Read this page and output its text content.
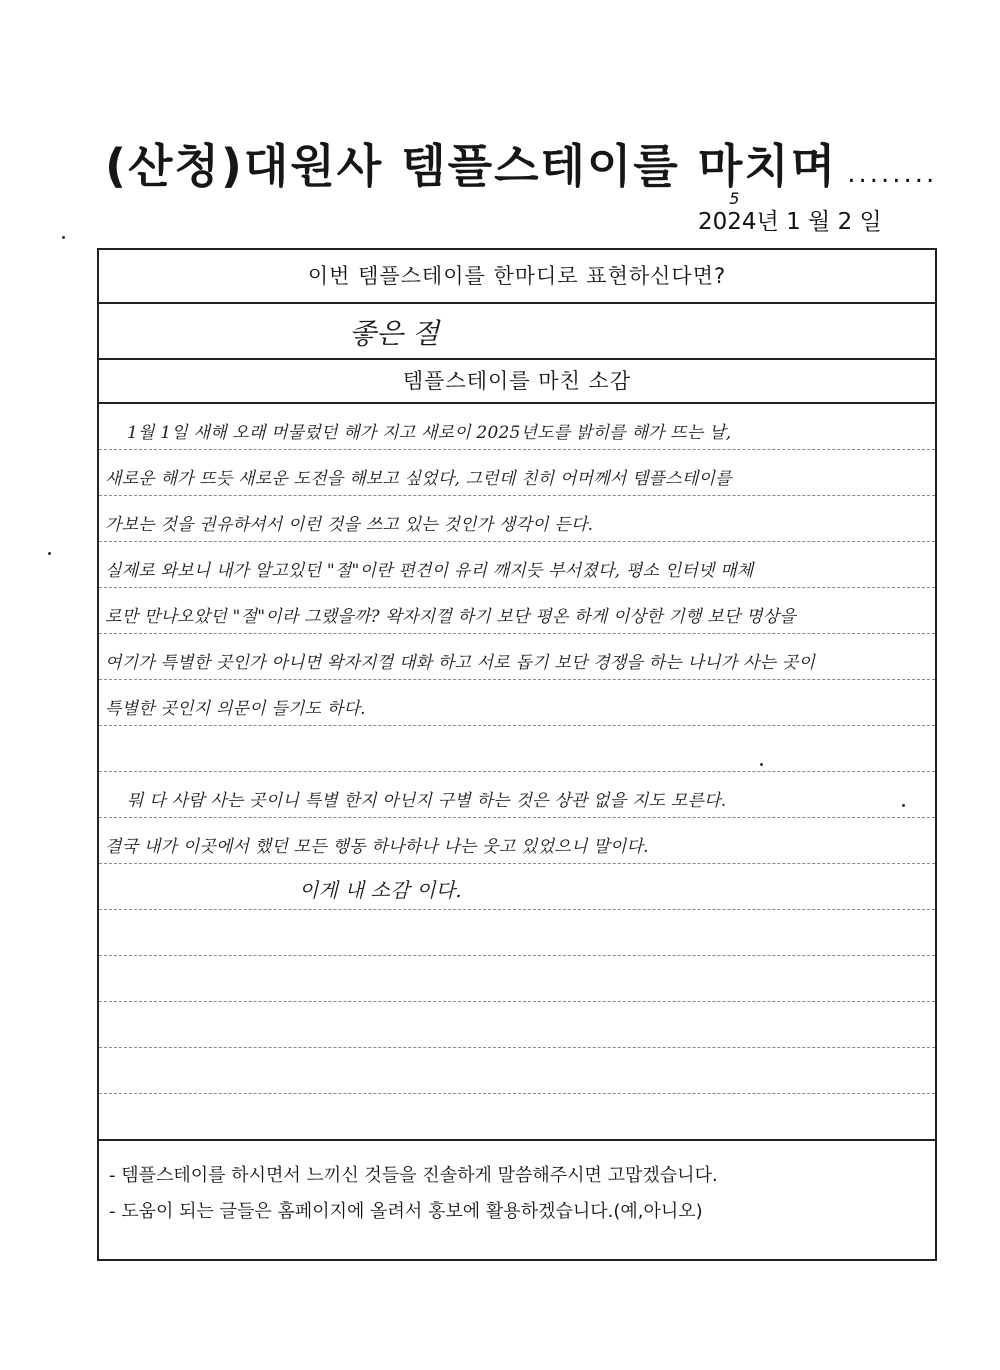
(산청)대원사 템플스테이를 마치며 ........
2024
5
년 1 월 2 일
이번 템플스테이를 한마디로 표현하신다면?
좋은 절
템플스테이를 마친 소감
1월 1일 새해 오래 머물렀던 해가 지고 새로이 2025년도를 밝히를 해가 뜨는 날,
새로운 해가 뜨듯 새로운 도전을 해보고 싶었다, 그런데 친히 어머께서 템플스테이를
가보는 것을 권유하셔서 이런 것을 쓰고 있는 것인가 생각이 든다.
실제로 와보니 내가 알고있던 "절"이란 편견이 유리 깨지듯 부서졌다, 평소 인터넷 매체
로만 만나오았던 "절"이라 그랬을까? 왁자지껄 하기 보단 평온 하게 이상한 기행 보단 명상을
여기가 특별한 곳인가 아니면 왁자지껄 대화 하고 서로 돕기 보단 경쟁을 하는 나니가 사는 곳이
특별한 곳인지 의문이 들기도 하다.
뭐 다 사람 사는 곳이니 특별 한지 아닌지 구별 하는 것은 상관 없을 지도 모른다.
결국 내가 이곳에서 했던 모든 행동 하나하나 나는 웃고 있었으니 말이다.
이게 내 소감 이다.
- 템플스테이를 하시면서 느끼신 것들을 진솔하게 말씀해주시면 고맙겠습니다.
- 도움이 되는 글들은 홈페이지에 올려서 홍보에 활용하겠습니다.(예,아니오)
